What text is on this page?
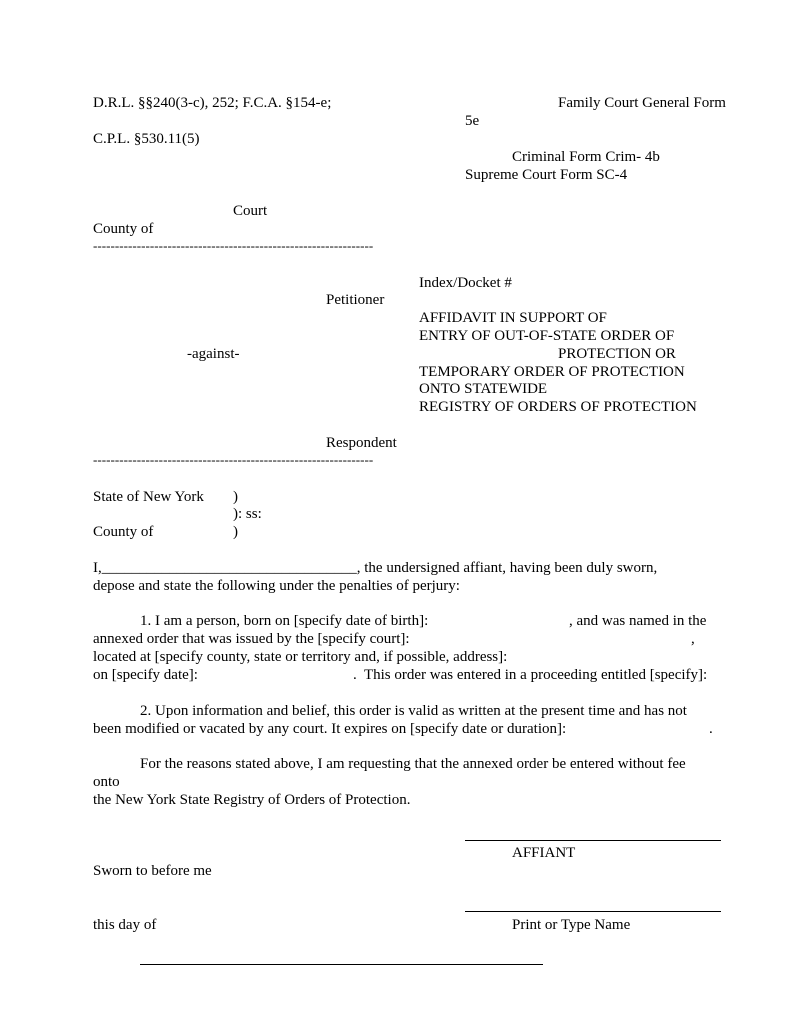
D.R.L. §§240(3-c), 252; F.C.A. §154-e;
C.P.L. §530.11(5)
Family Court General Form
5e
Criminal Form Crim- 4b
Supreme Court Form SC-4
Court
County of
----------------------------------------------------------------
Index/Docket #
Petitioner
AFFIDAVIT IN SUPPORT OF
ENTRY OF OUT-OF-STATE ORDER OF
PROTECTION OR
-against-
TEMPORARY ORDER OF PROTECTION
ONTO STATEWIDE
REGISTRY OF ORDERS OF PROTECTION
Respondent
----------------------------------------------------------------
State of New York )
): ss:
County of	)
I,__________________________________, the undersigned affiant, having been duly sworn,
depose and state the following under the penalties of perjury:
1. I am a person, born on [specify date of birth]:	, and was named in the
annexed order that was issued by the [specify court]:	,
located at [specify county, state or territory and, if possible, address]:
on [specify date]:	.  This order was entered in a proceeding entitled [specify]:
2. Upon information and belief, this order is valid as written at the present time and has not
been modified or vacated by any court. It expires on [specify date or duration]:	.
For the reasons stated above, I am requesting that the annexed order be entered without fee
onto
the New York State Registry of Orders of Protection.
AFFIANT
Sworn to before me
this day of	Print or Type Name
